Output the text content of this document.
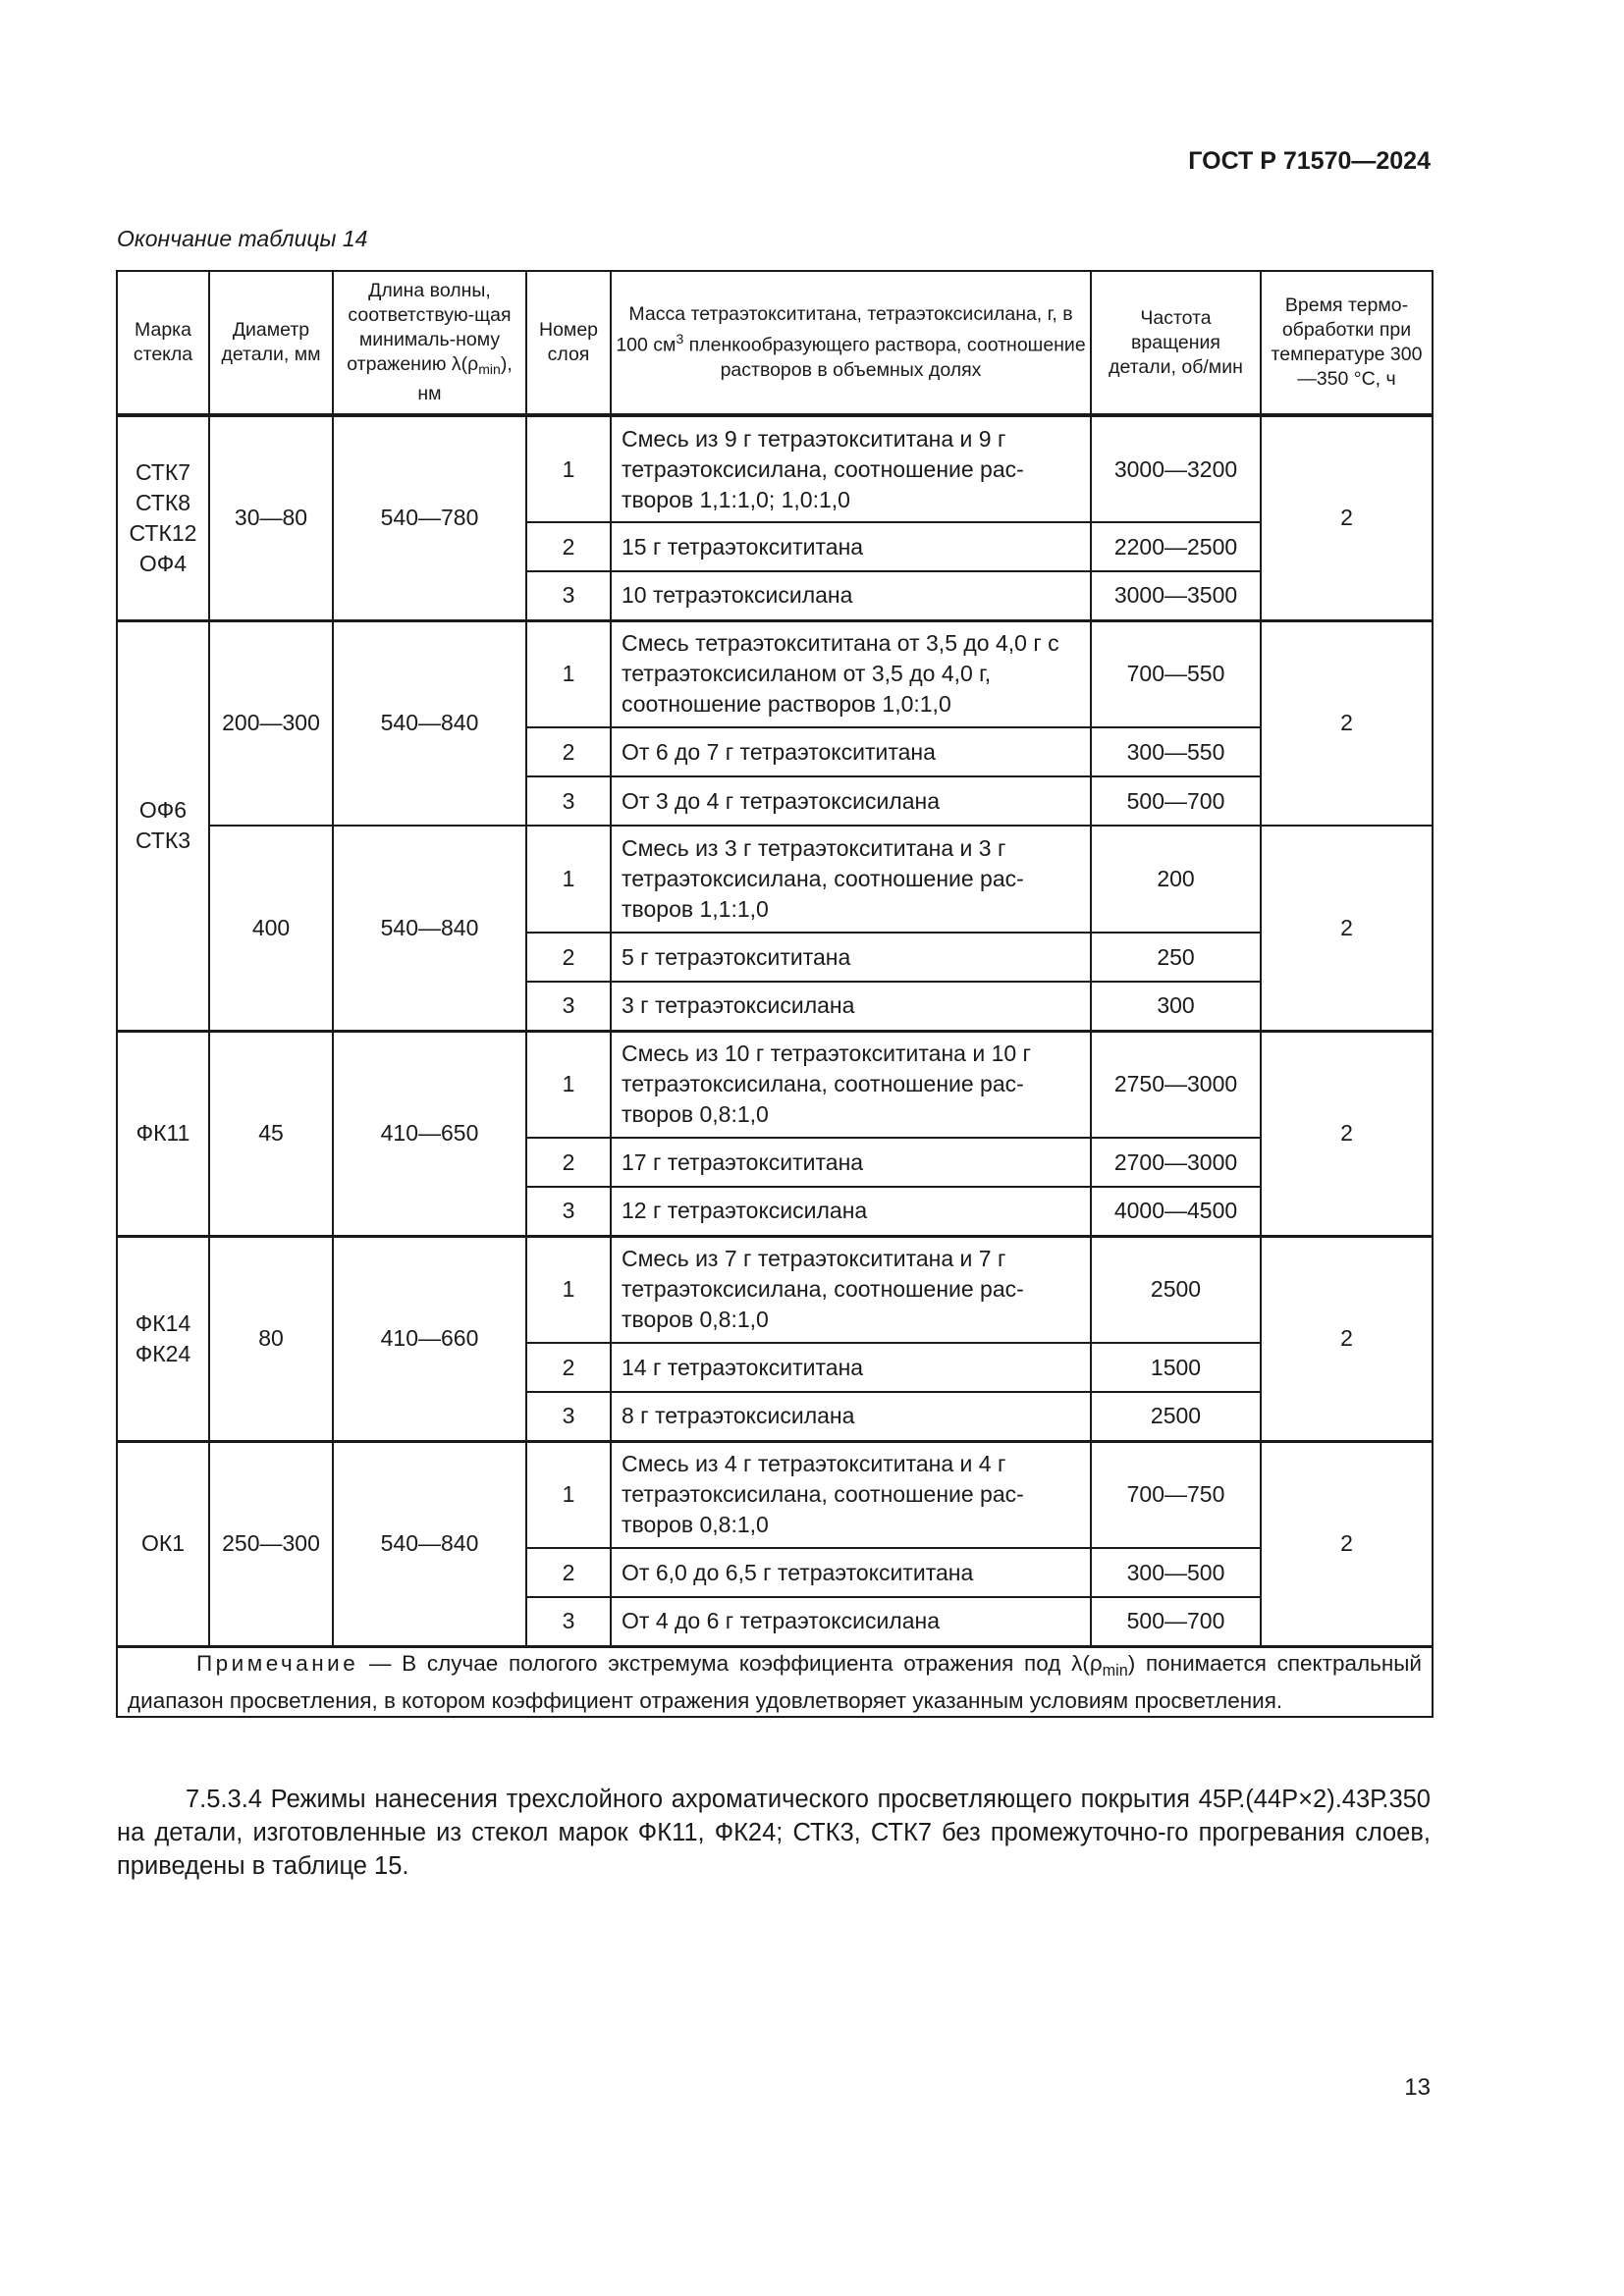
ГОСТ Р 71570—2024
Окончание таблицы 14
Марка стекла	Диаметр детали, мм	Длина волны, соответствую-щая минималь-ному отражению $\lambda(\rho_{min})$, нм	Номер слоя	Масса тетраэтоксититана, тетраэтоксисилана, г, в 100 $см^3$ пленкообразующего раствора, соотношение растворов в объемных долях	Частота вращения детали, об/мин	Время термо-обработки при температуре 300—350 °С, ч
СТК7 СТК8 СТК12 ОФ4	30—80	540—780	1	Смесь из 9 г тетраэтоксититана и 9 г тетраэтоксисилана, соотношение рас-творов 1,1:1,0; 1,0:1,0	3000—3200	2
			2	15 г тетраэтоксититана	2200—2500	
			3	10 тетраэтоксисилана	3000—3500	
ОФ6 СТК3	200—300	540—840	1	Смесь тетраэтоксититана от 3,5 до 4,0 г с тетраэтоксисиланом от 3,5 до 4,0 г, соотношение растворов 1,0:1,0	700—550	2
			2	От 6 до 7 г тетраэтоксититана	300—550	
			3	От 3 до 4 г тетраэтоксисилана	500—700	
	400	540—840	1	Смесь из 3 г тетраэтоксититана и 3 г тетраэтоксисилана, соотношение рас-творов 1,1:1,0	200	2
			2	5 г тетраэтоксититана	250	
			3	3 г тетраэтоксисилана	300	
ФК11	45	410—650	1	Смесь из 10 г тетраэтоксититана и 10 г тетраэтоксисилана, соотношение рас-творов 0,8:1,0	2750—3000	2
			2	17 г тетраэтоксититана	2700—3000	
			3	12 г тетраэтоксисилана	4000—4500	
ФК14 ФК24	80	410—660	1	Смесь из 7 г тетраэтоксититана и 7 г тетраэтоксисилана, соотношение рас-творов 0,8:1,0	2500	2
			2	14 г тетраэтоксититана	1500	
			3	8 г тетраэтоксисилана	2500	
ОК1	250—300	540—840	1	Смесь из 4 г тетраэтоксититана и 4 г тетраэтоксисилана, соотношение рас-творов 0,8:1,0	700—750	2
			2	От 6,0 до 6,5 г тетраэтоксититана	300—500	
			3	От 4 до 6 г тетраэтоксисилана	500—700	
Примечание — В случае пологого экстремума коэффициента отражения под $\lambda(\rho_{min})$ понимается спектральный диапазон просветления, в котором коэффициент отражения удовлетворяет указанным условиям просветления.						

7.5.3.4 Режимы нанесения трехслойного ахроматического просветляющего покрытия 45Р.(44Р×2).43Р.350 на детали, изготовленные из стекол марок ФК11, ФК24; СТК3, СТК7 без промежуточно-го прогревания слоев, приведены в таблице 15.

13
